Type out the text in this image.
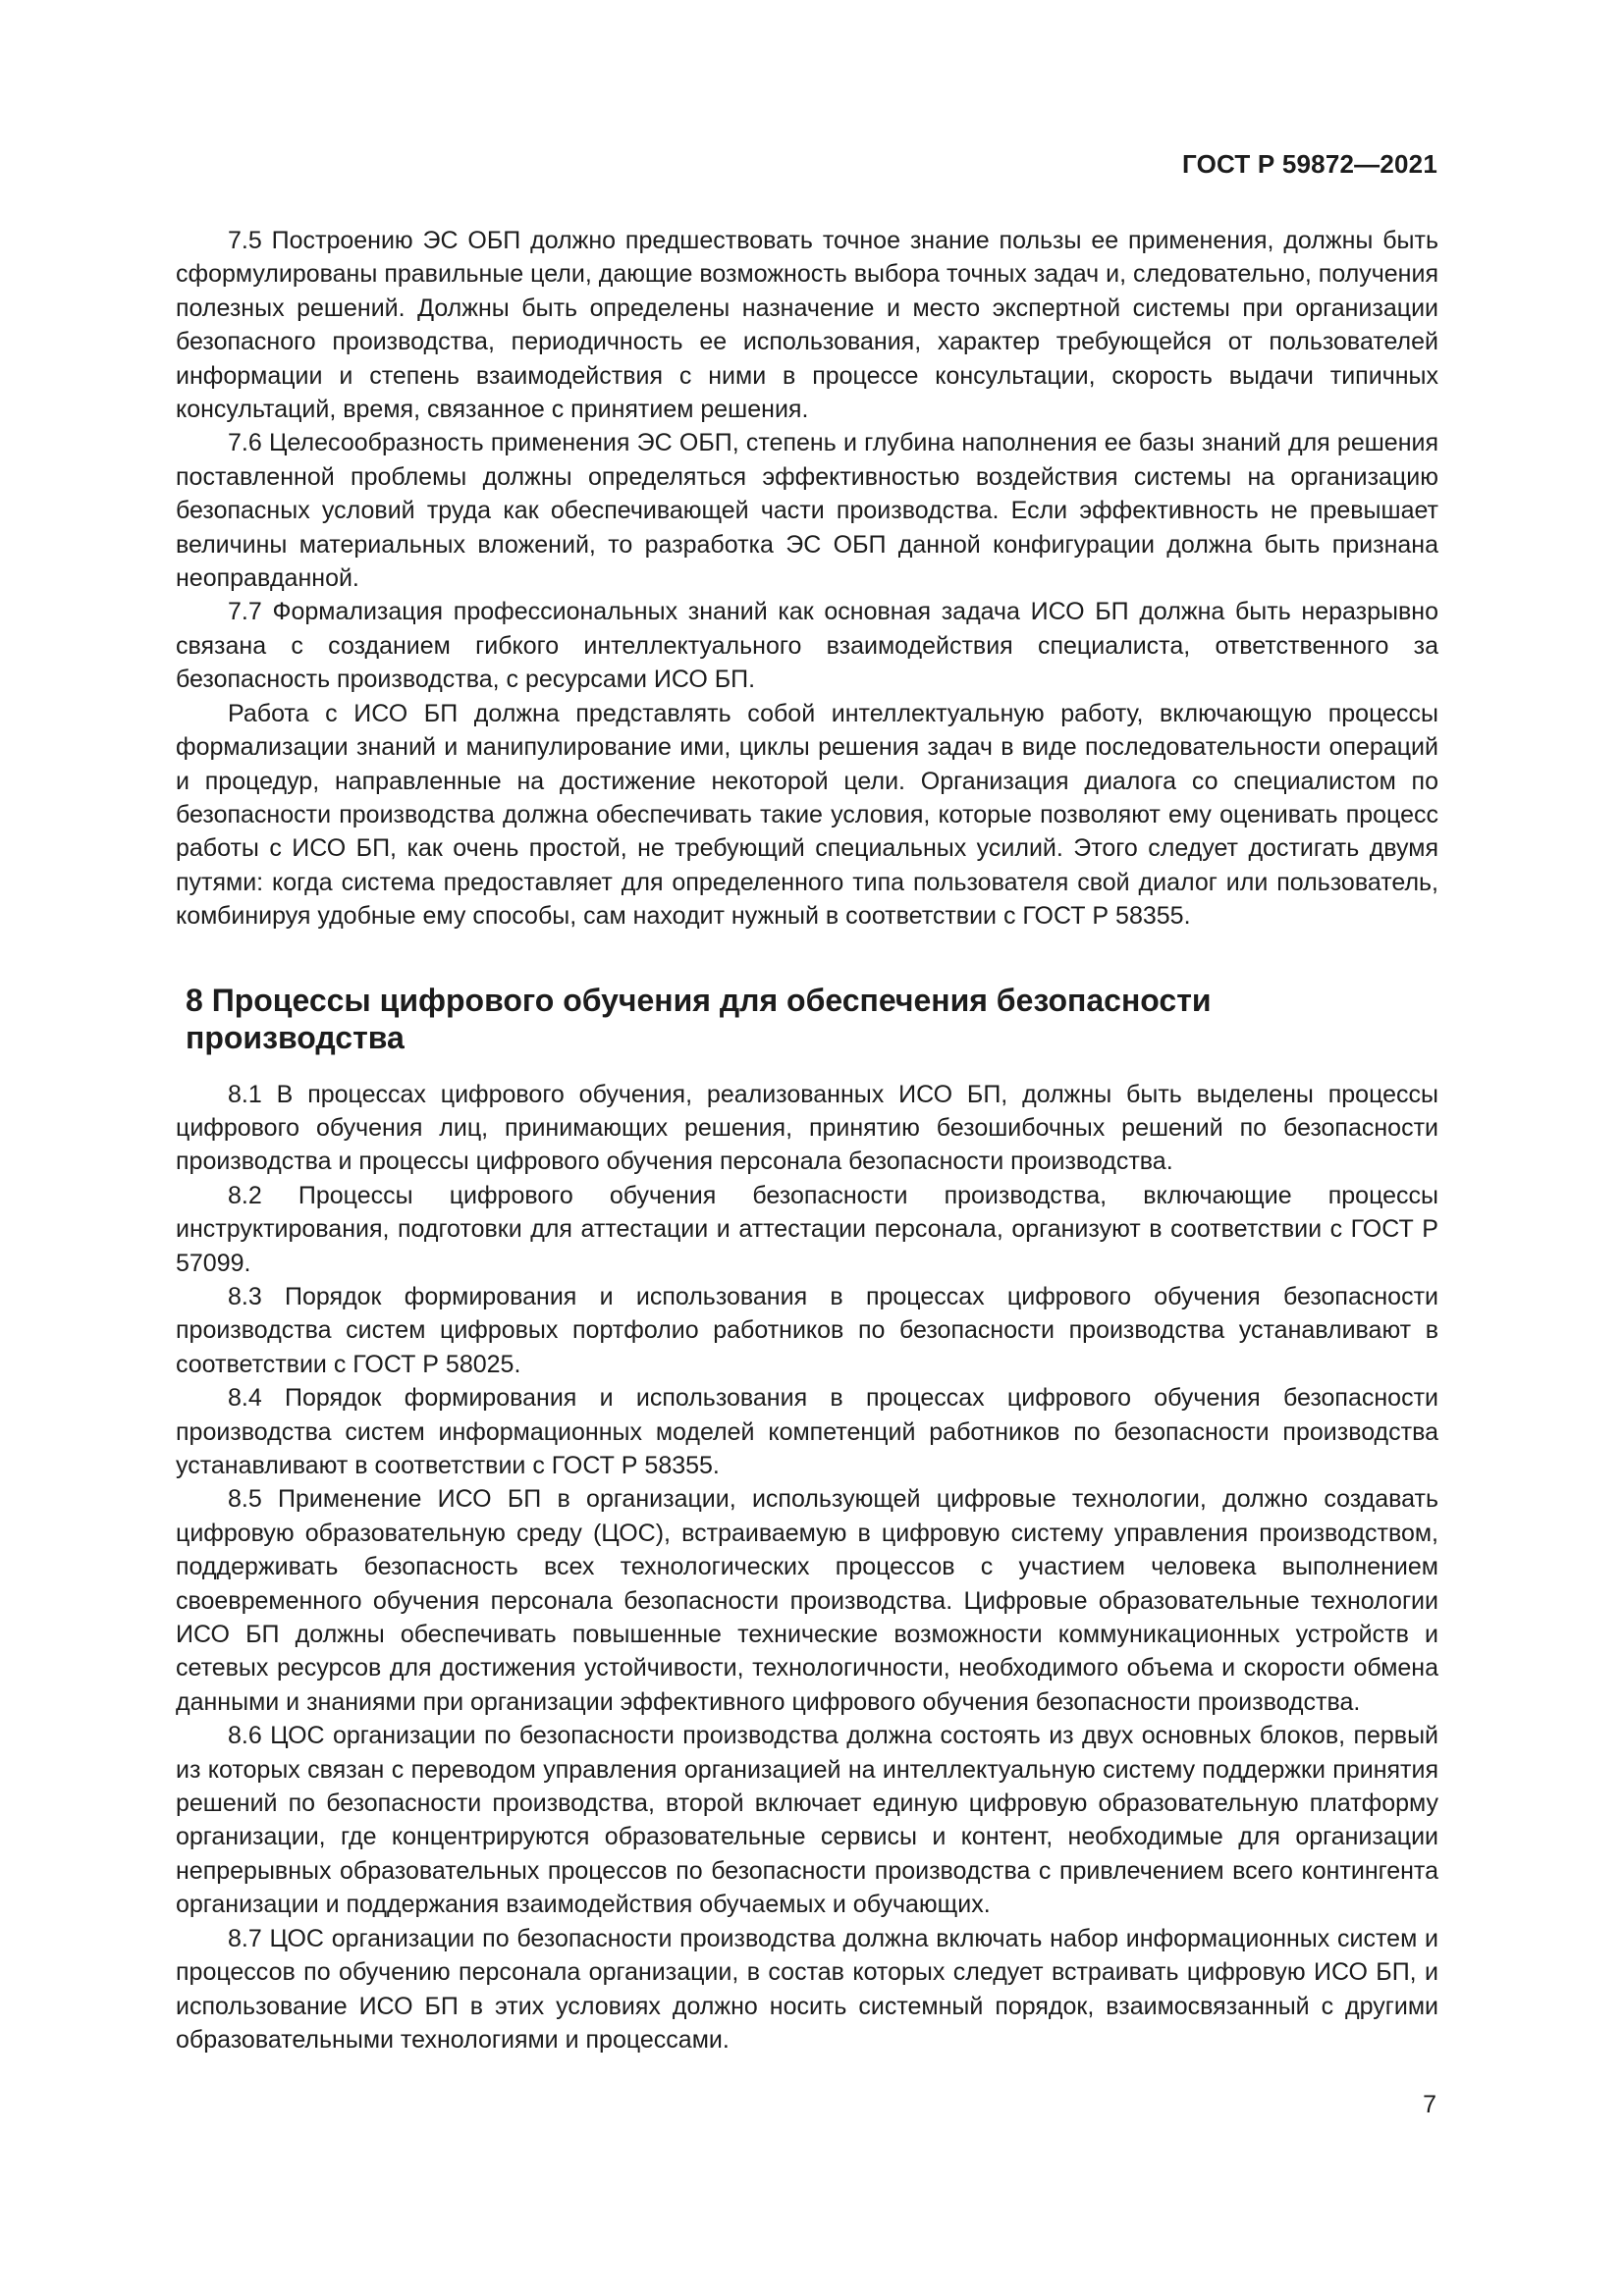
ГОСТ Р 59872—2021

7.5 Построению ЭС ОБП должно предшествовать точное знание пользы ее применения, должны быть сформулированы правильные цели, дающие возможность выбора точных задач и, следовательно, получения полезных решений. Должны быть определены назначение и место экспертной системы при организации безопасного производства, периодичность ее использования, характер требующейся от пользователей информации и степень взаимодействия с ними в процессе консультации, скорость выдачи типичных консультаций, время, связанное с принятием решения.

7.6 Целесообразность применения ЭС ОБП, степень и глубина наполнения ее базы знаний для решения поставленной проблемы должны определяться эффективностью воздействия системы на организацию безопасных условий труда как обеспечивающей части производства. Если эффективность не превышает величины материальных вложений, то разработка ЭС ОБП данной конфигурации должна быть признана неоправданной.

7.7 Формализация профессиональных знаний как основная задача ИСО БП должна быть неразрывно связана с созданием гибкого интеллектуального взаимодействия специалиста, ответственного за безопасность производства, с ресурсами ИСО БП.

Работа с ИСО БП должна представлять собой интеллектуальную работу, включающую процессы формализации знаний и манипулирование ими, циклы решения задач в виде последовательности операций и процедур, направленные на достижение некоторой цели. Организация диалога со специалистом по безопасности производства должна обеспечивать такие условия, которые позволяют ему оценивать процесс работы с ИСО БП, как очень простой, не требующий специальных усилий. Этого следует достигать двумя путями: когда система предоставляет для определенного типа пользователя свой диалог или пользователь, комбинируя удобные ему способы, сам находит нужный в соответствии с ГОСТ Р 58355.

8 Процессы цифрового обучения для обеспечения безопасности
производства

8.1 В процессах цифрового обучения, реализованных ИСО БП, должны быть выделены процессы цифрового обучения лиц, принимающих решения, принятию безошибочных решений по безопасности производства и процессы цифрового обучения персонала безопасности производства.

8.2 Процессы цифрового обучения безопасности производства, включающие процессы инструктирования, подготовки для аттестации и аттестации персонала, организуют в соответствии с ГОСТ Р 57099.

8.3 Порядок формирования и использования в процессах цифрового обучения безопасности производства систем цифровых портфолио работников по безопасности производства устанавливают в соответствии с ГОСТ Р 58025.

8.4 Порядок формирования и использования в процессах цифрового обучения безопасности производства систем информационных моделей компетенций работников по безопасности производства устанавливают в соответствии с ГОСТ Р 58355.

8.5 Применение ИСО БП в организации, использующей цифровые технологии, должно создавать цифровую образовательную среду (ЦОС), встраиваемую в цифровую систему управления производством, поддерживать безопасность всех технологических процессов с участием человека выполнением своевременного обучения персонала безопасности производства. Цифровые образовательные технологии ИСО БП должны обеспечивать повышенные технические возможности коммуникационных устройств и сетевых ресурсов для достижения устойчивости, технологичности, необходимого объема и скорости обмена данными и знаниями при организации эффективного цифрового обучения безопасности производства.

8.6 ЦОС организации по безопасности производства должна состоять из двух основных блоков, первый из которых связан с переводом управления организацией на интеллектуальную систему поддержки принятия решений по безопасности производства, второй включает единую цифровую образовательную платформу организации, где концентрируются образовательные сервисы и контент, необходимые для организации непрерывных образовательных процессов по безопасности производства с привлечением всего контингента организации и поддержания взаимодействия обучаемых и обучающих.

8.7 ЦОС организации по безопасности производства должна включать набор информационных систем и процессов по обучению персонала организации, в состав которых следует встраивать цифровую ИСО БП, и использование ИСО БП в этих условиях должно носить системный порядок, взаимосвязанный с другими образовательными технологиями и процессами.

7
